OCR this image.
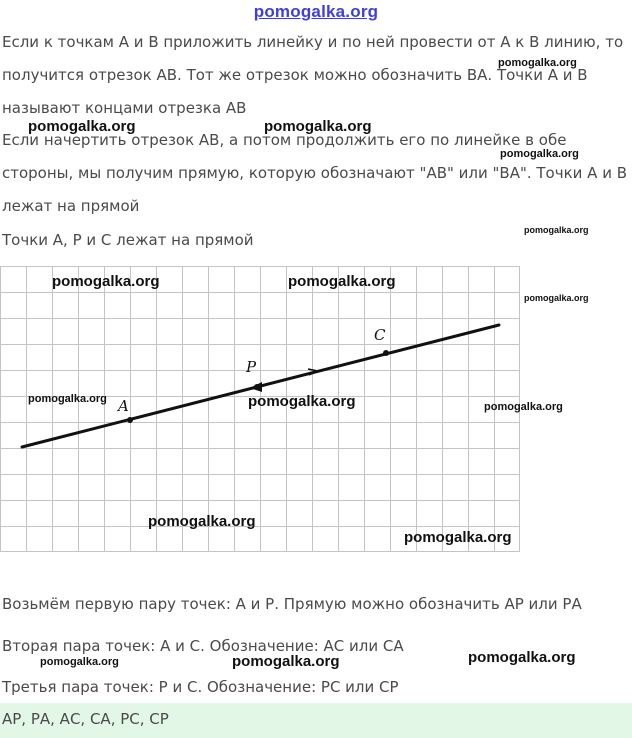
pomogalka.org

Если к точкам А и В приложить линейку и по ней провести от А к В линию, то получится отрезок АВ. Тот же отрезок можно обозначить ВА. Точки А и В называют концами отрезка АВ

Если начертить отрезок АВ, а потом продолжить его по линейке в обе стороны, мы получим прямую, которую обозначают "АВ" или "ВА". Точки А и В лежат на прямой

Точки А, Р и С лежат на прямой

A
P
C
Возьмём первую пару точек: А и Р. Прямую можно обозначить АР или РА
Вторая пара точек: А и С. Обозначение: АС или СА
Третья пара точек: Р и С. Обозначение: РС или СР
АР, РА, АС, СА, РС, СР
pomogalka.org
pomogalka.org	pomogalka.org
pomogalka.org
pomogalka.org
pomogalka.org	pomogalka.org
pomogalka.org
pomogalka.org	pomogalka.org	pomogalka.org
pomogalka.org
pomogalka.org
pomogalka.org	pomogalka.org	pomogalka.org
